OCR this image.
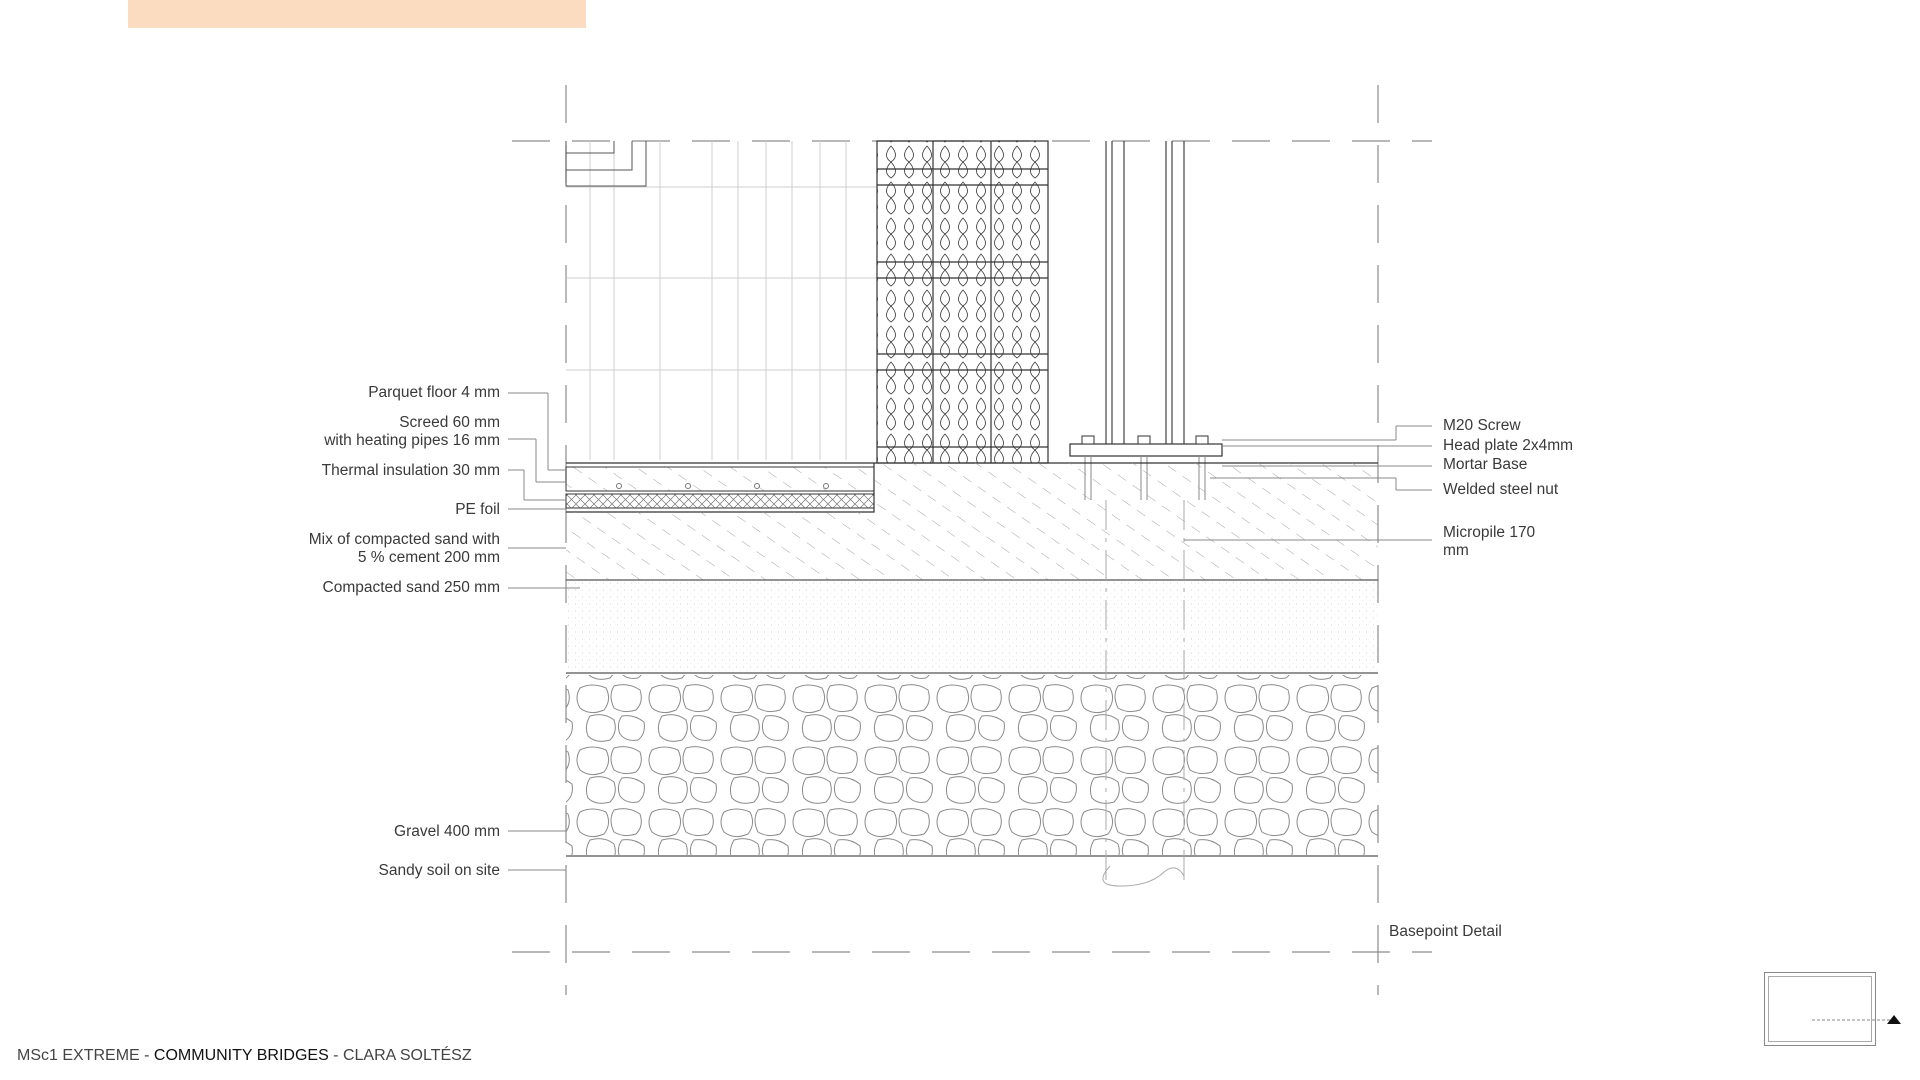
Parquet floor 4 mm
Screed 60 mm
with heating pipes 16 mm
Thermal insulation 30 mm
PE foil
Mix of compacted sand with
5 % cement 200 mm
Compacted sand 250 mm
Gravel 400 mm
Sandy soil on site
M20 Screw
Head plate 2x4mm
Mortar Base
Welded steel nut
Micropile 170
mm
Basepoint Detail
MSc1 EXTREME - COMMUNITY BRIDGES - CLARA SOLTÉSZ
